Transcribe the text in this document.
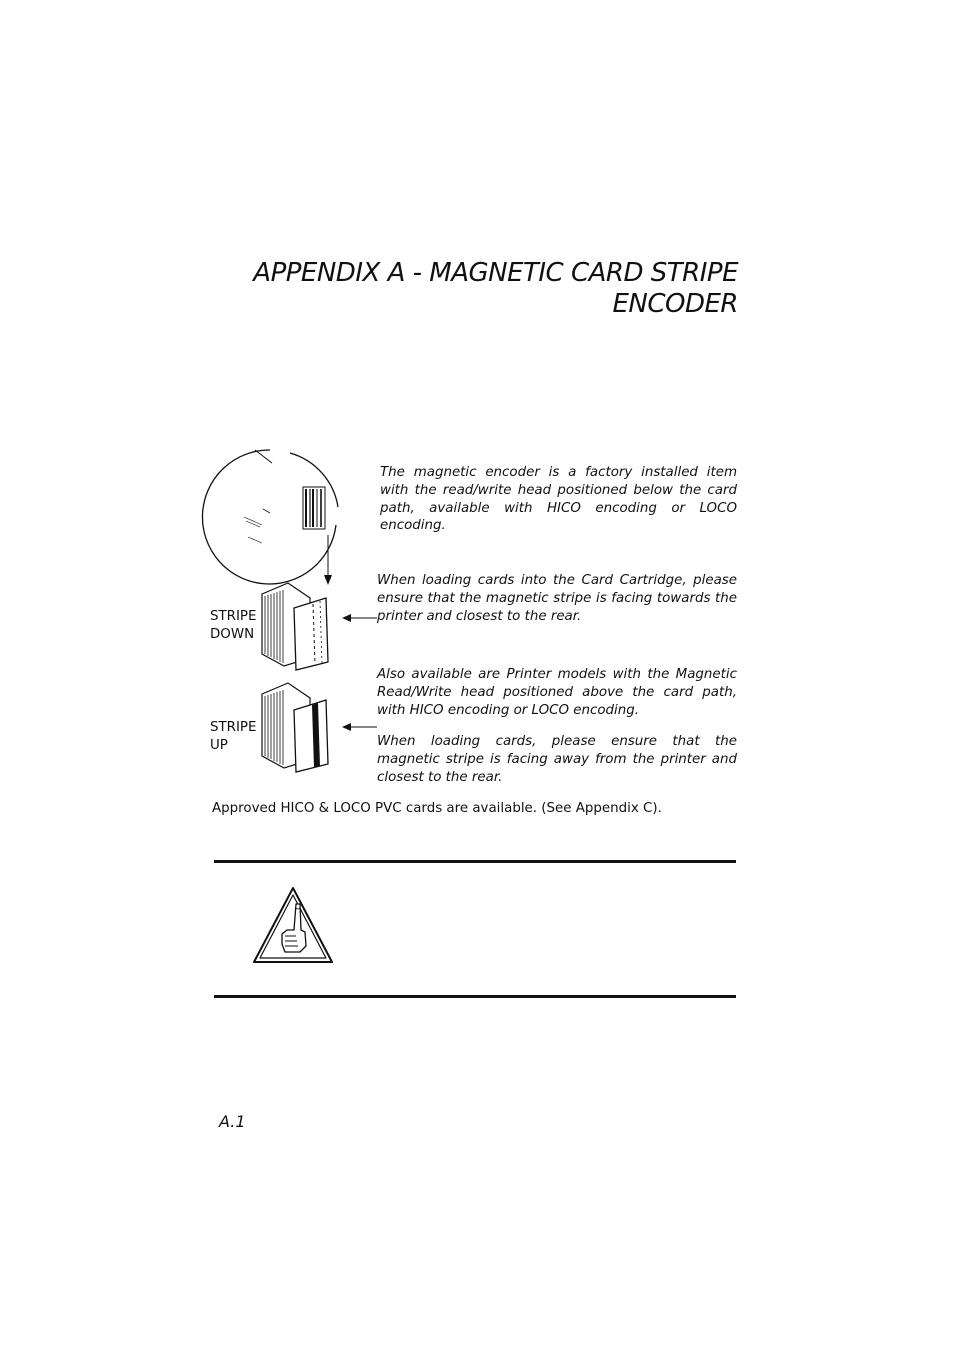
APPENDIX A - MAGNETIC CARD STRIPE
ENCODER
STRIPE
DOWN
STRIPE
UP

The magnetic encoder is a factory installed item with the read/write head positioned below the card path, available with HICO encoding or LOCO encoding.

When loading cards into the Card Cartridge, please ensure that the magnetic stripe is facing towards the printer and closest to the rear.

Also available are Printer models with the Magnetic Read/Write head positioned above the card path, with HICO encoding or LOCO encoding.

When loading cards, please ensure that the magnetic stripe is facing away from the printer and closest to the rear.

Approved HICO & LOCO PVC cards are available. (See Appendix C).
A.1
